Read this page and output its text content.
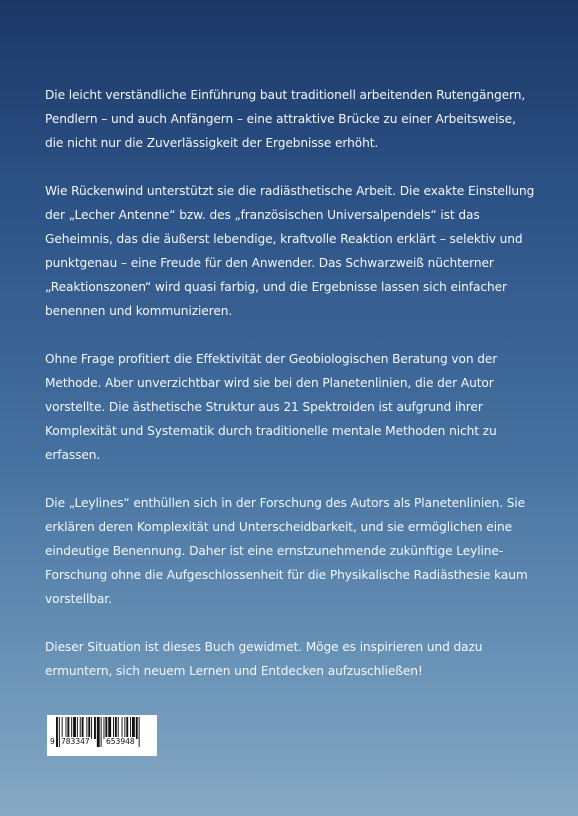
Die leicht verständliche Einführung baut traditionell arbeitenden Rutengängern, Pendlern – und auch Anfängern – eine attraktive Brücke zu einer Arbeitsweise, die nicht nur die Zuverlässigkeit der Ergebnisse erhöht.

Wie Rückenwind unterstützt sie die radiästhetische Arbeit. Die exakte Einstellung der „Lecher Antenne“ bzw. des „französischen Universalpendels“ ist das Geheimnis, das die äußerst lebendige, kraftvolle Reaktion erklärt – selektiv und punktgenau – eine Freude für den Anwender. Das Schwarzweiß nüchterner „Reaktionszonen“ wird quasi farbig, und die Ergebnisse lassen sich einfacher benennen und kommunizieren.

Ohne Frage profitiert die Effektivität der Geobiologischen Beratung von der Methode. Aber unverzichtbar wird sie bei den Planetenlinien, die der Autor vorstellte. Die ästhetische Struktur aus 21 Spektroiden ist aufgrund ihrer Komplexität und Systematik durch traditionelle mentale Methoden nicht zu erfassen.

Die „Leylines“ enthüllen sich in der Forschung des Autors als Planetenlinien. Sie erklären deren Komplexität und Unterscheidbarkeit, und sie ermöglichen eine eindeutige Benennung. Daher ist eine ernstzunehmende zukünftige Leyline-Forschung ohne die Aufgeschlossenheit für die Physikalische Radiästhesie kaum vorstellbar.

Dieser Situation ist dieses Buch gewidmet. Möge es inspirieren und dazu ermuntern, sich neuem Lernen und Entdecken aufzuschließen!

9 783347 653948
